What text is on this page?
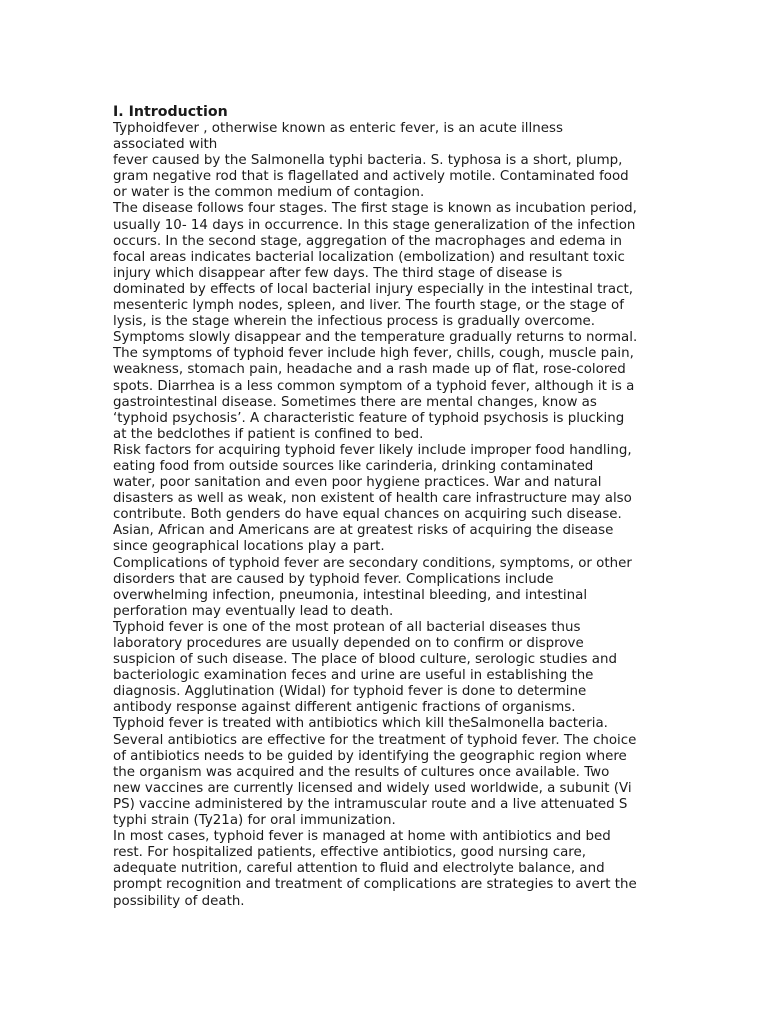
I. Introduction

Typhoidfever , otherwise known as enteric fever, is an acute illness
associated with
fever caused by the Salmonella typhi bacteria. S. typhosa is a short, plump,
gram negative rod that is flagellated and actively motile. Contaminated food
or water is the common medium of contagion.

The disease follows four stages. The first stage is known as incubation period,
usually 10- 14 days in occurrence. In this stage generalization of the infection
occurs. In the second stage, aggregation of the macrophages and edema in
focal areas indicates bacterial localization (embolization) and resultant toxic
injury which disappear after few days. The third stage of disease is
dominated by effects of local bacterial injury especially in the intestinal tract,
mesenteric lymph nodes, spleen, and liver. The fourth stage, or the stage of
lysis, is the stage wherein the infectious process is gradually overcome.
Symptoms slowly disappear and the temperature gradually returns to normal.

The symptoms of typhoid fever include high fever, chills, cough, muscle pain,
weakness, stomach pain, headache and a rash made up of flat, rose-colored
spots. Diarrhea is a less common symptom of a typhoid fever, although it is a
gastrointestinal disease. Sometimes there are mental changes, know as
‘typhoid psychosis’. A characteristic feature of typhoid psychosis is plucking
at the bedclothes if patient is confined to bed.

Risk factors for acquiring typhoid fever likely include improper food handling,
eating food from outside sources like carinderia, drinking contaminated
water, poor sanitation and even poor hygiene practices. War and natural
disasters as well as weak, non existent of health care infrastructure may also
contribute. Both genders do have equal chances on acquiring such disease.
Asian, African and Americans are at greatest risks of acquiring the disease
since geographical locations play a part.

Complications of typhoid fever are secondary conditions, symptoms, or other
disorders that are caused by typhoid fever. Complications include
overwhelming infection, pneumonia, intestinal bleeding, and intestinal
perforation may eventually lead to death.

Typhoid fever is one of the most protean of all bacterial diseases thus
laboratory procedures are usually depended on to confirm or disprove
suspicion of such disease. The place of blood culture, serologic studies and
bacteriologic examination feces and urine are useful in establishing the
diagnosis. Agglutination (Widal) for typhoid fever is done to determine
antibody response against different antigenic fractions of organisms.

Typhoid fever is treated with antibiotics which kill theSalmonella bacteria.
Several antibiotics are effective for the treatment of typhoid fever. The choice
of antibiotics needs to be guided by identifying the geographic region where
the organism was acquired and the results of cultures once available. Two
new vaccines are currently licensed and widely used worldwide, a subunit (Vi
PS) vaccine administered by the intramuscular route and a live attenuated S
typhi strain (Ty21a) for oral immunization.

In most cases, typhoid fever is managed at home with antibiotics and bed
rest. For hospitalized patients, effective antibiotics, good nursing care,
adequate nutrition, careful attention to fluid and electrolyte balance, and
prompt recognition and treatment of complications are strategies to avert the
possibility of death.
